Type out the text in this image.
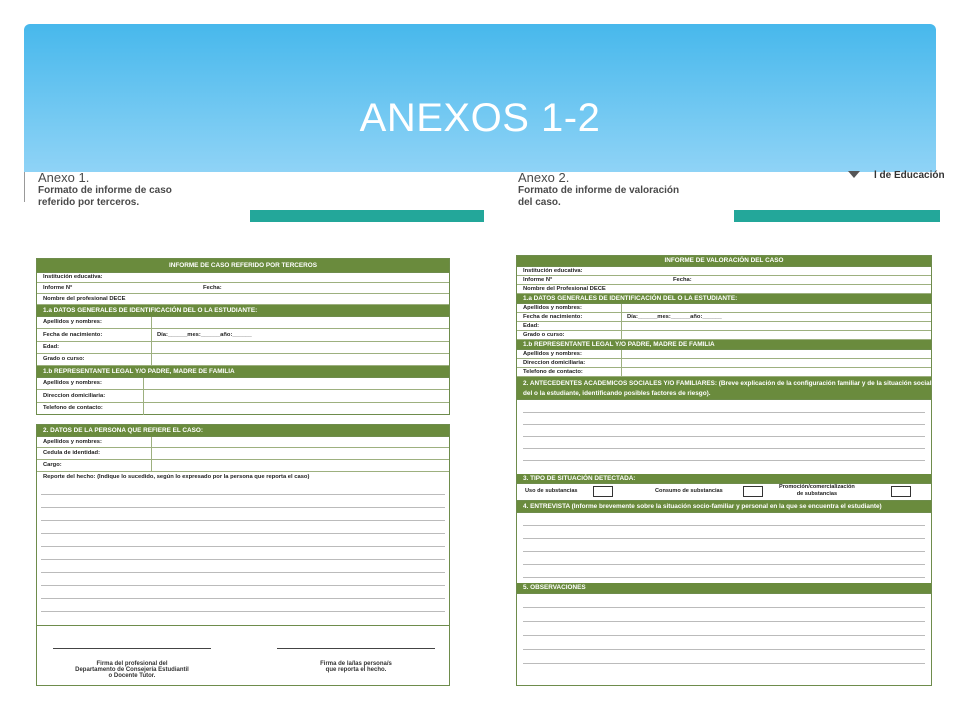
ANEXOS 1-2
l de Educación
Anexo 1.
Formato de informe de caso
referido por terceros.
Anexo 2.
Formato de informe de valoración
del caso.
INFORME DE CASO REFERIDO POR TERCEROS
Institución educativa:
Informe N°	Fecha:
Nombre del profesional DECE
1.a DATOS GENERALES DE IDENTIFICACIÓN DEL O LA ESTUDIANTE:
Apellidos y nombres:
Fecha de nacimiento:	Día:______mes:______año:______
Edad:
Grado o curso:
1.b REPRESENTANTE LEGAL Y/O PADRE, MADRE DE FAMILIA
Apellidos y nombres:
Direccion domiciliaria:
Telefono de contacto:
2. DATOS DE LA PERSONA QUE REFIERE EL CASO:
Apellidos y nombres:
Cedula de identidad:
Cargo:
Reporte del hecho: (Indique lo sucedido, según lo expresado por la persona que reporta el caso)
Firma del profesional del
Departamento de Consejería Estudiantil
o Docente Tutor.
Firma de la/las persona/s
que reporta el hecho.
INFORME DE VALORACIÓN DEL CASO
Institución educativa:
Informe N°	Fecha:
Nombre del Profesional DECE
1.a DATOS GENERALES DE IDENTIFICACIÓN DEL O LA ESTUDIANTE:
Apellidos y nombres:
Fecha de nacimiento:	Día:______mes:______año:______
Edad:
Grado o curso:
1.b REPRESENTANTE LEGAL Y/O PADRE, MADRE DE FAMILIA
Apellidos y nombres:
Direccion domiciliaria:
Telefono de contacto:
2. ANTECEDENTES ACADEMICOS SOCIALES Y/O FAMILIARES: (Breve explicación de la configuración familiar y de la situación social
del o la estudiante, identificando posibles factores de riesgo).
3. TIPO DE SITUACIÓN DETECTADA:
Uso de substancias	Consumo de substancias
Promoción/comercialización
de substancias
4. ENTREVISTA (Informe brevemente sobre la situación socio-familiar y personal en la que se encuentra el estudiante)
5. OBSERVACIONES
